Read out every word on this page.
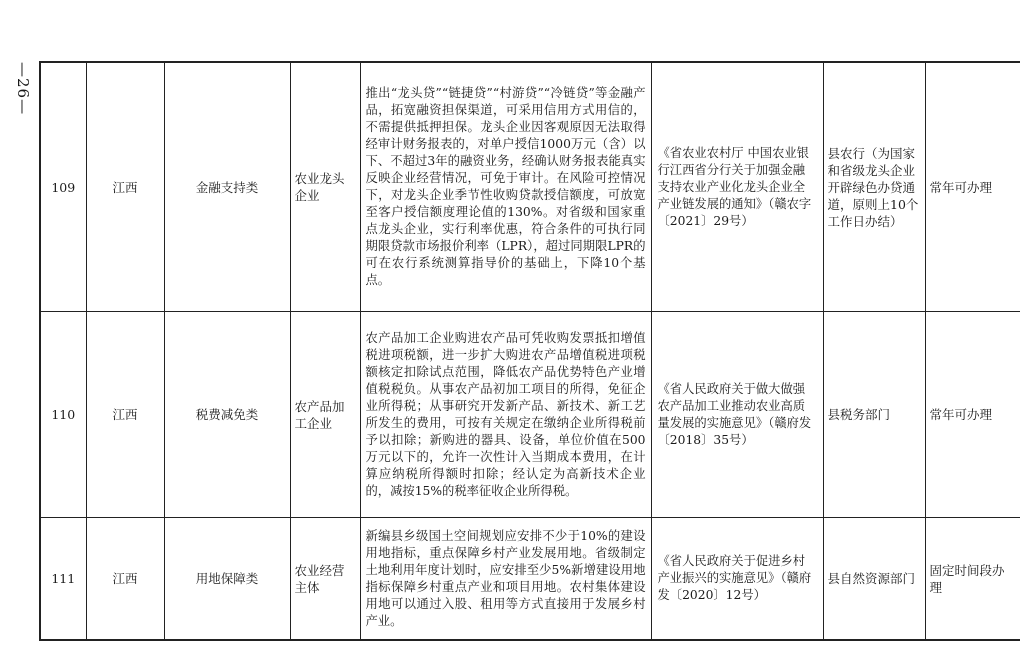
—26—
109	江西	金融支持类	农业龙头企业	推出“龙头贷”“链捷贷”“村游贷”“冷链贷”等金融产品，拓宽融资担保渠道，可采用信用方式用信的，不需提供抵押担保。龙头企业因客观原因无法取得经审计财务报表的，对单户授信1000万元（含）以下、不超过3年的融资业务，经确认财务报表能真实反映企业经营情况，可免于审计。在风险可控情况下，对龙头企业季节性收购贷款授信额度，可放宽至客户授信额度理论值的130%。对省级和国家重点龙头企业，实行利率优惠，符合条件的可执行同期限贷款市场报价利率（LPR），超过同期限LPR的可在农行系统测算指导价的基础上，下降10个基点。	《省农业农村厅 中国农业银行江西省分行关于加强金融支持农业产业化龙头企业全产业链发展的通知》（赣农字〔2021〕29号）	县农行（为国家和省级龙头企业开辟绿色办贷通道，原则上10个工作日办结）	常年可办理
110	江西	税费减免类	农产品加工企业	农产品加工企业购进农产品可凭收购发票抵扣增值税进项税额，进一步扩大购进农产品增值税进项税额核定扣除试点范围，降低农产品优势特色产业增值税税负。从事农产品初加工项目的所得，免征企业所得税；从事研究开发新产品、新技术、新工艺所发生的费用，可按有关规定在缴纳企业所得税前予以扣除；新购进的器具、设备，单位价值在500万元以下的，允许一次性计入当期成本费用，在计算应纳税所得额时扣除；经认定为高新技术企业的，减按15%的税率征收企业所得税。	《省人民政府关于做大做强农产品加工业推动农业高质量发展的实施意见》（赣府发〔2018〕35号）	县税务部门	常年可办理
111	江西	用地保障类	农业经营主体	新编县乡级国土空间规划应安排不少于10%的建设用地指标，重点保障乡村产业发展用地。省级制定土地利用年度计划时，应安排至少5%新增建设用地指标保障乡村重点产业和项目用地。农村集体建设用地可以通过入股、租用等方式直接用于发展乡村产业。	《省人民政府关于促进乡村产业振兴的实施意见》（赣府发〔2020〕12号）	县自然资源部门	固定时间段办理
